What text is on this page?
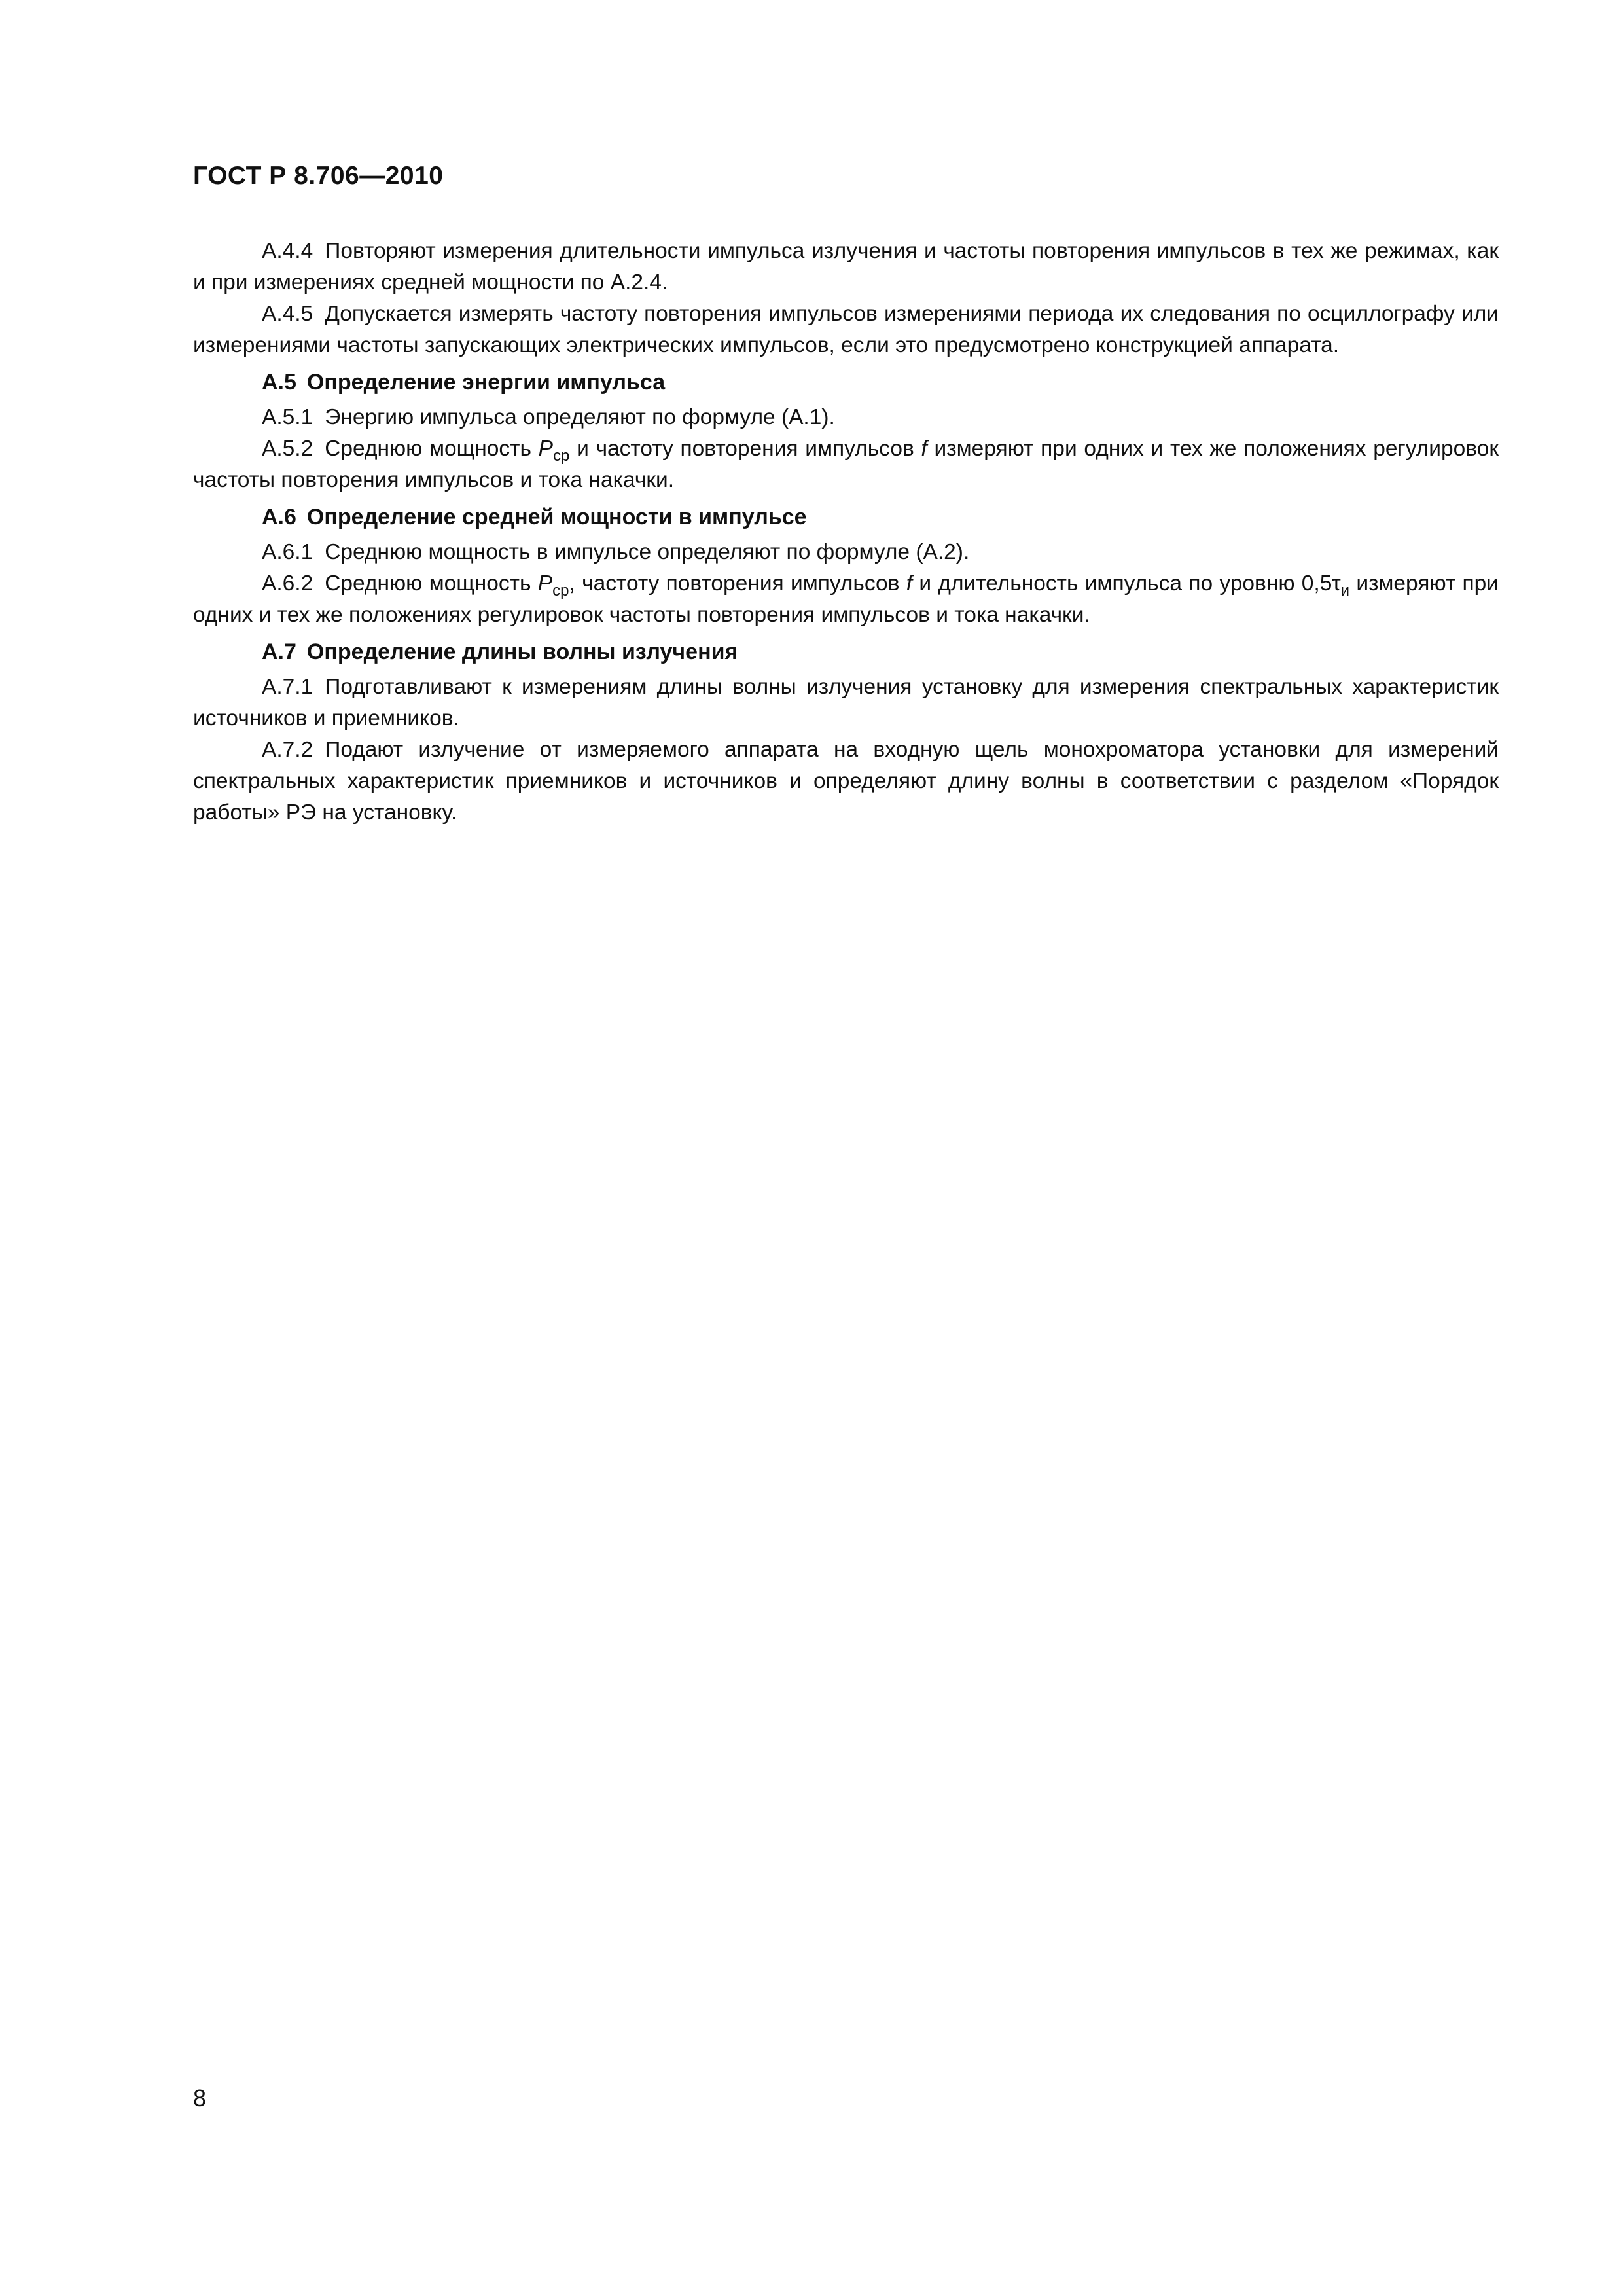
ГОСТ Р 8.706—2010

А.4.4 Повторяют измерения длительности импульса излучения и частоты повторения импульсов в тех же режимах, как и при измерениях средней мощности по А.2.4.

А.4.5 Допускается измерять частоту повторения импульсов измерениями периода их следования по осциллографу или измерениями частоты запускающих электрических импульсов, если это предусмотрено конструкцией аппарата.

А.5 Определение энергии импульса

А.5.1 Энергию импульса определяют по формуле (А.1).

А.5.2 Среднюю мощность $P_{ср}$ и частоту повторения импульсов f измеряют при одних и тех же положениях регулировок частоты повторения импульсов и тока накачки.

А.6 Определение средней мощности в импульсе

А.6.1 Среднюю мощность в импульсе определяют по формуле (А.2).

А.6.2 Среднюю мощность $P_{ср}$, частоту повторения импульсов f и длительность импульса по уровню $0,5\tau_и$ измеряют при одних и тех же положениях регулировок частоты повторения импульсов и тока накачки.

А.7 Определение длины волны излучения

А.7.1 Подготавливают к измерениям длины волны излучения установку для измерения спектральных характеристик источников и приемников.

А.7.2 Подают излучение от измеряемого аппарата на входную щель монохроматора установки для измерений спектральных характеристик приемников и источников и определяют длину волны в соответствии с разделом «Порядок работы» РЭ на установку.

8
